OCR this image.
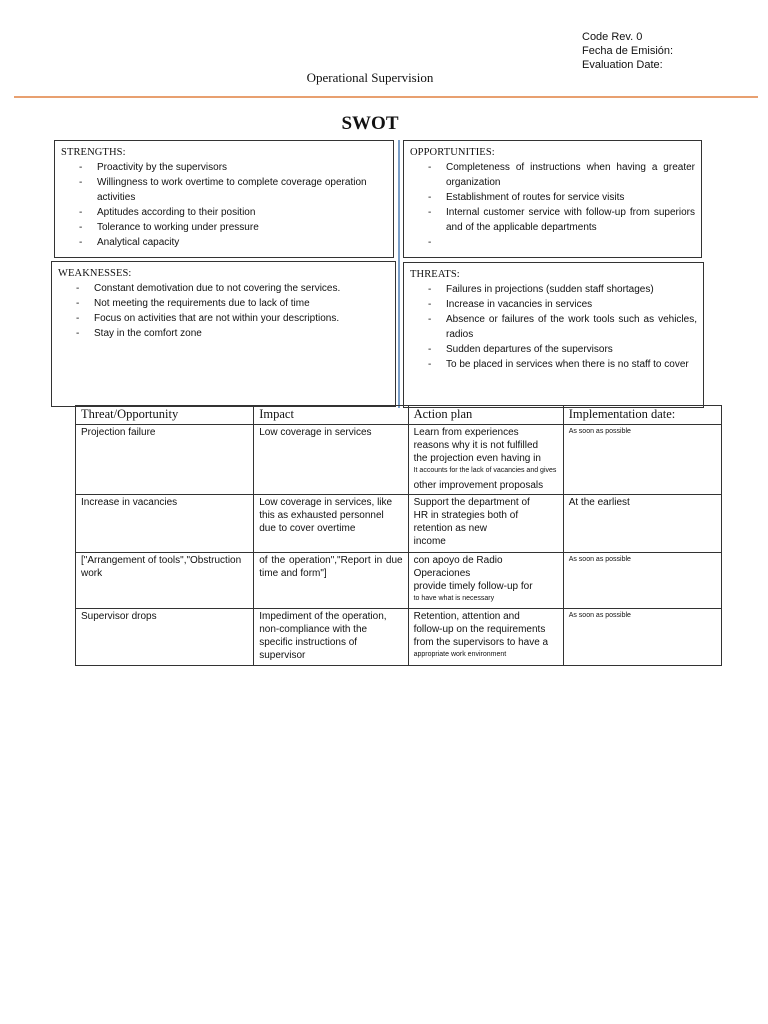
Code Rev. 0
Fecha de Emisión:
Evaluation Date:
Operational Supervision
SWOT
STRENGTHS:
- Proactivity by the supervisors
- Willingness to work overtime to complete coverage operation activities
- Aptitudes according to their position
- Tolerance to working under pressure
- Analytical capacity
OPPORTUNITIES:
- Completeness of instructions when having a greater organization
- Establishment of routes for service visits
- Internal customer service with follow-up from superiors and of the applicable departments
-
WEAKNESSES:
- Constant demotivation due to not covering the services.
- Not meeting the requirements due to lack of time
- Focus on activities that are not within your descriptions.
- Stay in the comfort zone
THREATS:
- Failures in projections (sudden staff shortages)
- Increase in vacancies in services
- Absence or failures of the work tools such as vehicles, radios
- Sudden departures of the supervisors
- To be placed in services when there is no staff to cover
Threat/Opportunity	Impact	Action plan	Implementation date:
Projection failure	Low coverage in services	Learn from experiences
reasons why it is not fulfilled
the projection even having in
It accounts for the lack of vacancies and gives
other improvement proposals	As soon as possible

Increase in vacancies	Low coverage in services, like this as exhausted personnel due to cover overtime	Support the department of
HR in strategies both of
retention as new
income	At the earliest
["Arrangement of tools","Obstruction work	of the operation","Report in due time and form"]	con apoyo de Radio Operaciones
provide timely follow-up for
to have what is necessary	As soon as possible

Supervisor drops	Impediment of the operation, non-compliance with the specific instructions of supervisor	Retention, attention and
follow-up on the requirements
from the supervisors to have a
appropriate work environment	As soon as possible
